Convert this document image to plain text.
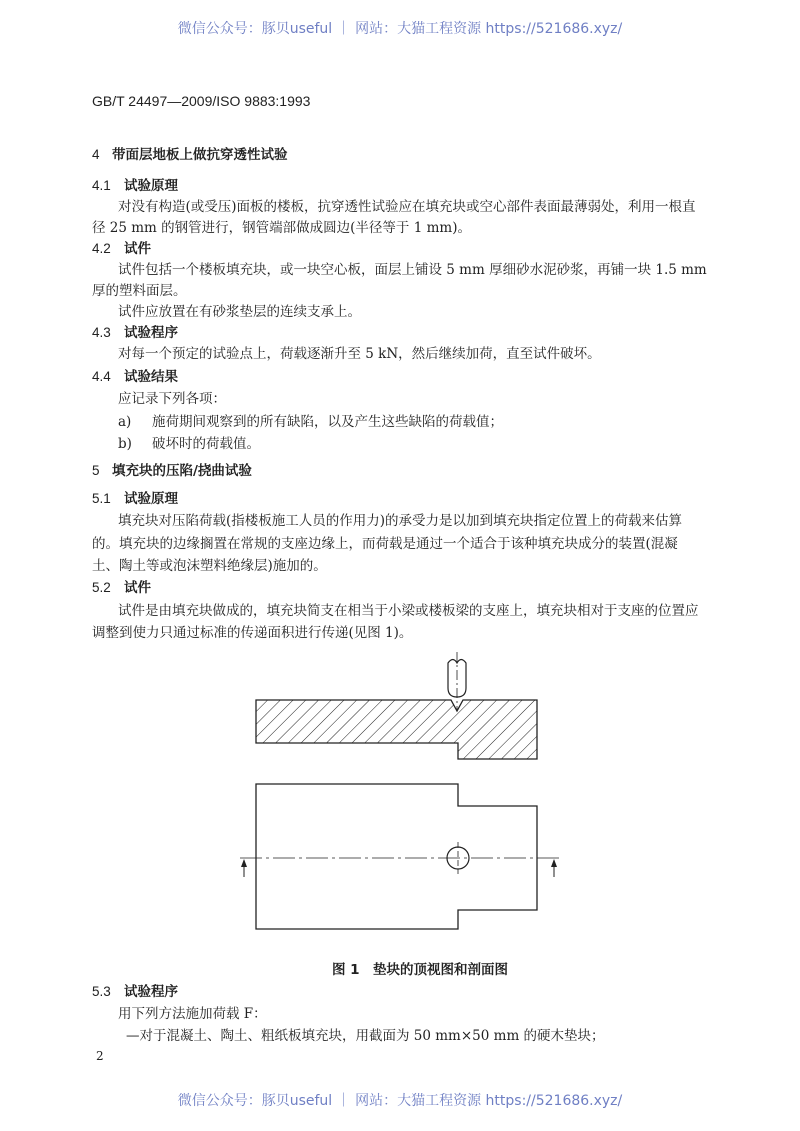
微信公众号：豚贝useful ｜ 网站：大猫工程资源 https://521686.xyz/
GB/T 24497—2009/ISO 9883:1993
4 带面层地板上做抗穿透性试验
4.1 试验原理
对没有构造(或受压)面板的楼板，抗穿透性试验应在填充块或空心部件表面最薄弱处，利用一根直
径 25 mm 的钢管进行，钢管端部做成圆边(半径等于 1 mm)。
4.2 试件
试件包括一个楼板填充块，或一块空心板，面层上铺设 5 mm 厚细砂水泥砂浆，再铺一块 1.5 mm
厚的塑料面层。
试件应放置在有砂浆垫层的连续支承上。
4.3 试验程序
对每一个预定的试验点上，荷载逐渐升至 5 kN，然后继续加荷，直至试件破坏。
4.4 试验结果
应记录下列各项：
a) 施荷期间观察到的所有缺陷，以及产生这些缺陷的荷载值；
b) 破坏时的荷载值。
5 填充块的压陷/挠曲试验
5.1 试验原理
填充块对压陷荷载(指楼板施工人员的作用力)的承受力是以加到填充块指定位置上的荷载来估算
的。填充块的边缘搁置在常规的支座边缘上，而荷载是通过一个适合于该种填充块成分的装置(混凝
土、陶土等或泡沫塑料绝缘层)施加的。
5.2 试件
试件是由填充块做成的，填充块简支在相当于小梁或楼板梁的支座上，填充块相对于支座的位置应
调整到使力只通过标准的传递面积进行传递(见图 1)。
图 1　垫块的顶视图和剖面图
5.3 试验程序
用下列方法施加荷载 F：
—对于混凝土、陶土、粗纸板填充块，用截面为 50 mm×50 mm 的硬木垫块；
2
微信公众号：豚贝useful ｜ 网站：大猫工程资源 https://521686.xyz/
